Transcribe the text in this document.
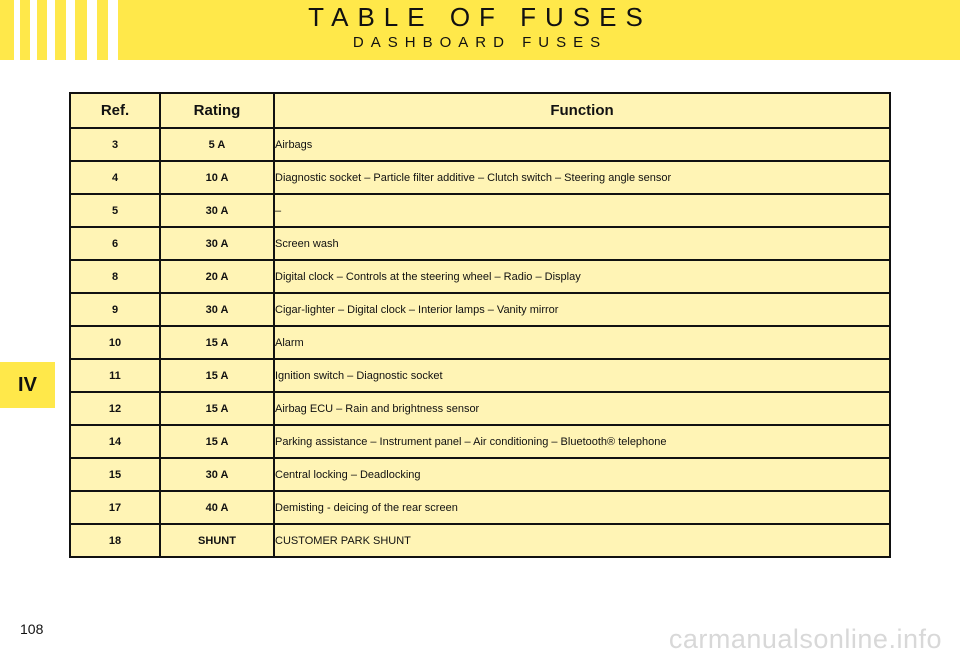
TABLE OF FUSES
DASHBOARD FUSES
IV
Ref.	Rating	Function
3	5 A	Airbags
4	10 A	Diagnostic socket – Particle filter additive – Clutch switch – Steering angle sensor
5	30 A	–
6	30 A	Screen wash
8	20 A	Digital clock – Controls at the steering wheel – Radio – Display
9	30 A	Cigar-lighter – Digital clock – Interior lamps – Vanity mirror
10	15 A	Alarm
11	15 A	Ignition switch – Diagnostic socket
12	15 A	Airbag ECU – Rain and brightness sensor
14	15 A	Parking assistance – Instrument panel – Air conditioning – Bluetooth® telephone
15	30 A	Central locking – Deadlocking
17	40 A	Demisting - deicing of the rear screen
18	SHUNT	CUSTOMER PARK SHUNT
108	carmanualsonline.info
